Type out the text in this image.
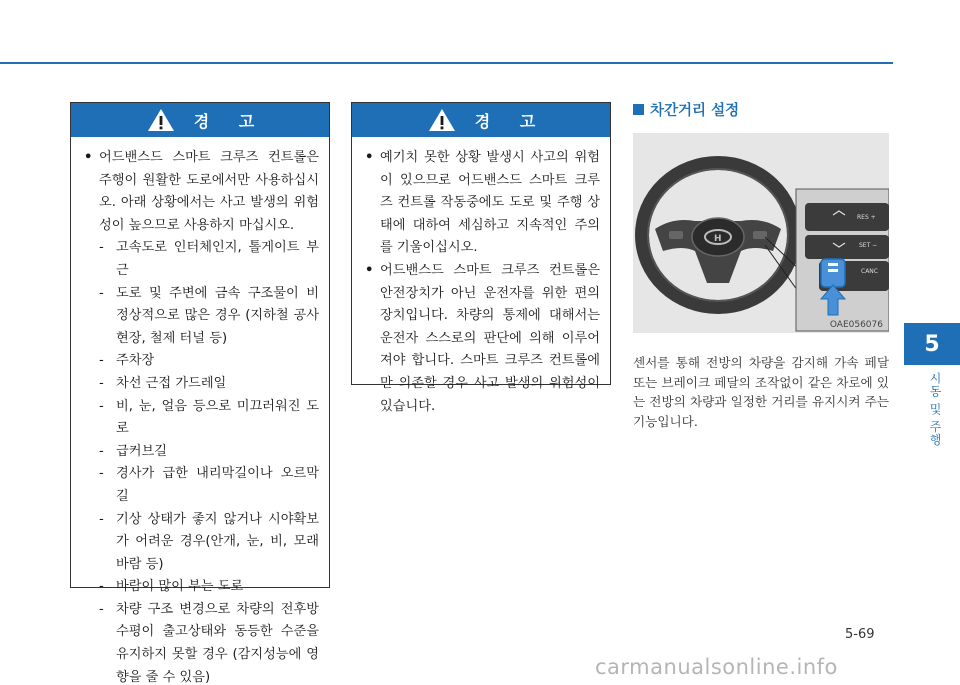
경 고
• 어드밴스드 스마트 크루즈 컨트롤은 주행이 원활한 도로에서만 사용하십시오. 아래 상황에서는 사고 발생의 위험성이 높으므로 사용하지 마십시오.
- 고속도로 인터체인지, 톨게이트 부근
- 도로 및 주변에 금속 구조물이 비 정상적으로 많은 경우 (지하철 공사 현장, 철제 터널 등)
- 주차장
- 차선 근접 가드레일
- 비, 눈, 얼음 등으로 미끄러워진 도로
- 급커브길
- 경사가 급한 내리막길이나 오르막길
- 기상 상태가 좋지 않거나 시야확보가 어려운 경우(안개, 눈, 비, 모래바람 등)
- 바람이 많이 부는 도로
- 차량 구조 변경으로 차량의 전후방 수평이 출고상태와 동등한 수준을 유지하지 못할 경우 (감지성능에 영향을 줄 수 있음)
경 고
• 예기치 못한 상황 발생시 사고의 위험이 있으므로 어드밴스드 스마트 크루즈 컨트롤 작동중에도 도로 및 주행 상태에 대하여 세심하고 지속적인 주의를 기울이십시오.
• 어드밴스드 스마트 크루즈 컨트롤은 안전장치가 아닌 운전자를 위한 편의 장치입니다. 차량의 통제에 대해서는 운전자 스스로의 판단에 의해 이루어져야 합니다. 스마트 크루즈 컨트롤에만 의존할 경우 사고 발생의 위험성이 있습니다.
차간거리 설정
H
RES +
SET −
CANC
OAE056076

센서를 통해 전방의 차량을 감지해 가속 페달 또는 브레이크 페달의 조작없이 같은 차로에 있는 전방의 차량과 일정한 거리를 유지시켜 주는 기능입니다.

5
시동 및 주행
5-69
carmanualsonline.info
